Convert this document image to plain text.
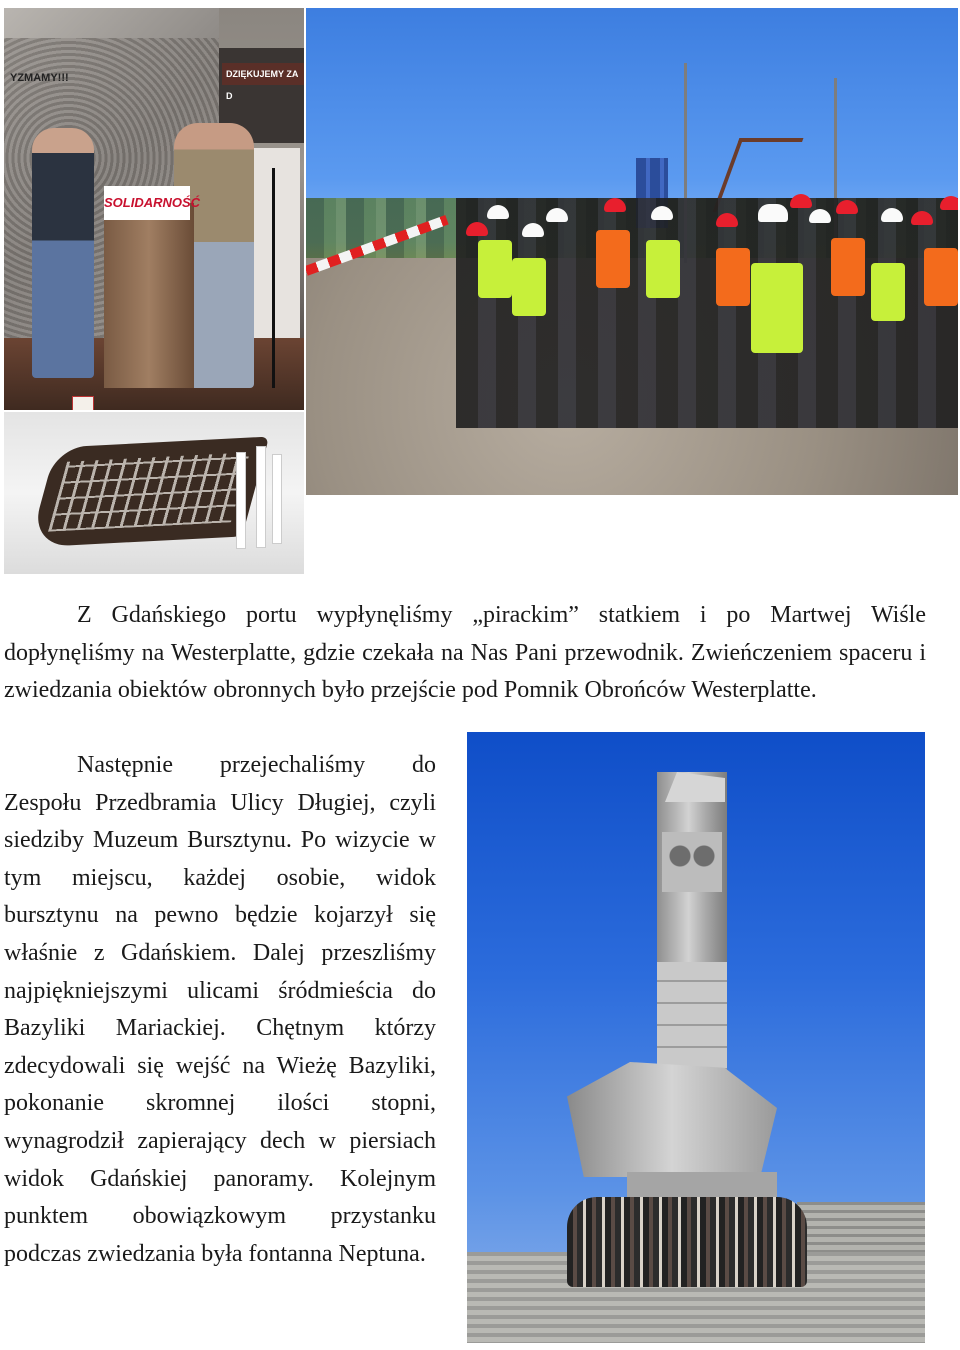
DZIĘKUJEMY ZA D
YZMAMY!!!
SOLIDARNOŚĆ

Z Gdańskiego portu wypłynęliśmy „pirackim” statkiem i po Martwej Wiśle dopłynęliśmy na Westerplatte, gdzie czekała na Nas Pani przewodnik. Zwieńczeniem spaceru i zwiedzania obiektów obronnych było przejście pod Pomnik Obrońców Westerplatte.

Następnie przejechaliśmy do Zespołu Przedbramia Ulicy Długiej, czyli siedziby Muzeum Bursztynu. Po wizycie w tym miejscu, każdej osobie, widok bursztynu na pewno będzie kojarzył się właśnie z Gdańskiem. Dalej przeszliśmy najpiękniejszymi ulicami śródmieścia do Bazyliki Mariackiej. Chętnym którzy zdecydowali się wejść na Wieżę Bazyliki, pokonanie skromnej ilości stopni, wynagrodził zapierający dech w piersiach widok Gdańskiej panoramy. Kolejnym punktem obowiązkowym przystanku podczas zwiedzania była fontanna Neptuna.
